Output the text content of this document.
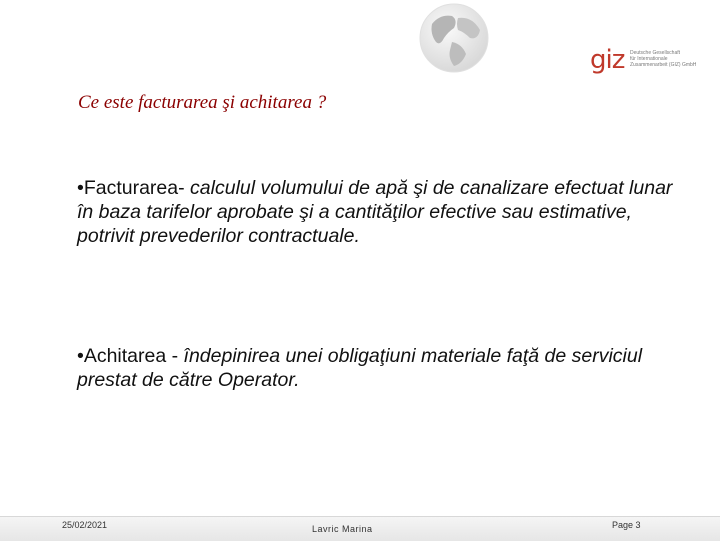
giz Deutsche Gesellschaft
für Internationale
Zusammenarbeit (GIZ) GmbH
Ce este facturarea şi achitarea ?
•Facturarea- calculul volumului de apă şi de canalizare efectuat lunar în baza tarifelor aprobate şi a cantităţilor efective sau estimative, potrivit prevederilor contractuale.
•Achitarea - îndepinirea unei obligaţiuni materiale faţă de serviciul prestat de către Operator.
25/02/2021	Lavric Marina	Page 3
